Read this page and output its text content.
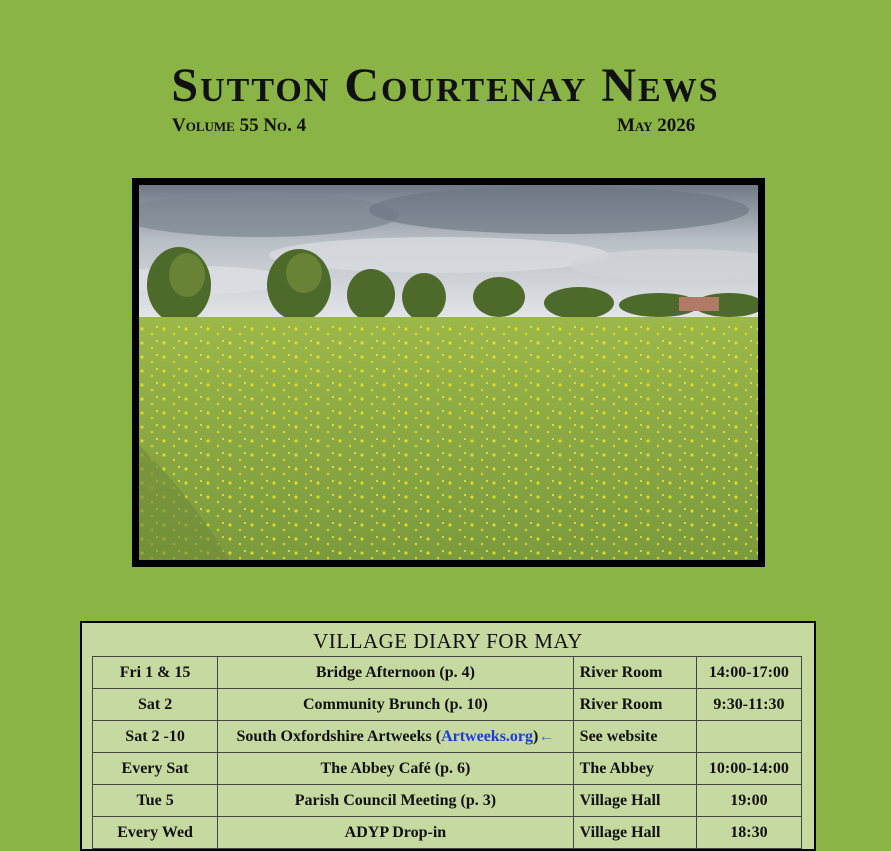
Sutton Courtenay News
Volume 55 No. 4	May 2026
VILLAGE DIARY FOR MAY
Fri 1 & 15	Bridge Afternoon (p. 4)	River Room	14:00-17:00
Sat 2	Community Brunch (p. 10)	River Room	9:30-11:30
Sat 2 -10	South Oxfordshire Artweeks (Artweeks.org)←	See website	
Every Sat	The Abbey Café (p. 6)	The Abbey	10:00-14:00
Tue 5	Parish Council Meeting (p. 3)	Village Hall	19:00
Every Wed	ADYP Drop-in	Village Hall	18:30
